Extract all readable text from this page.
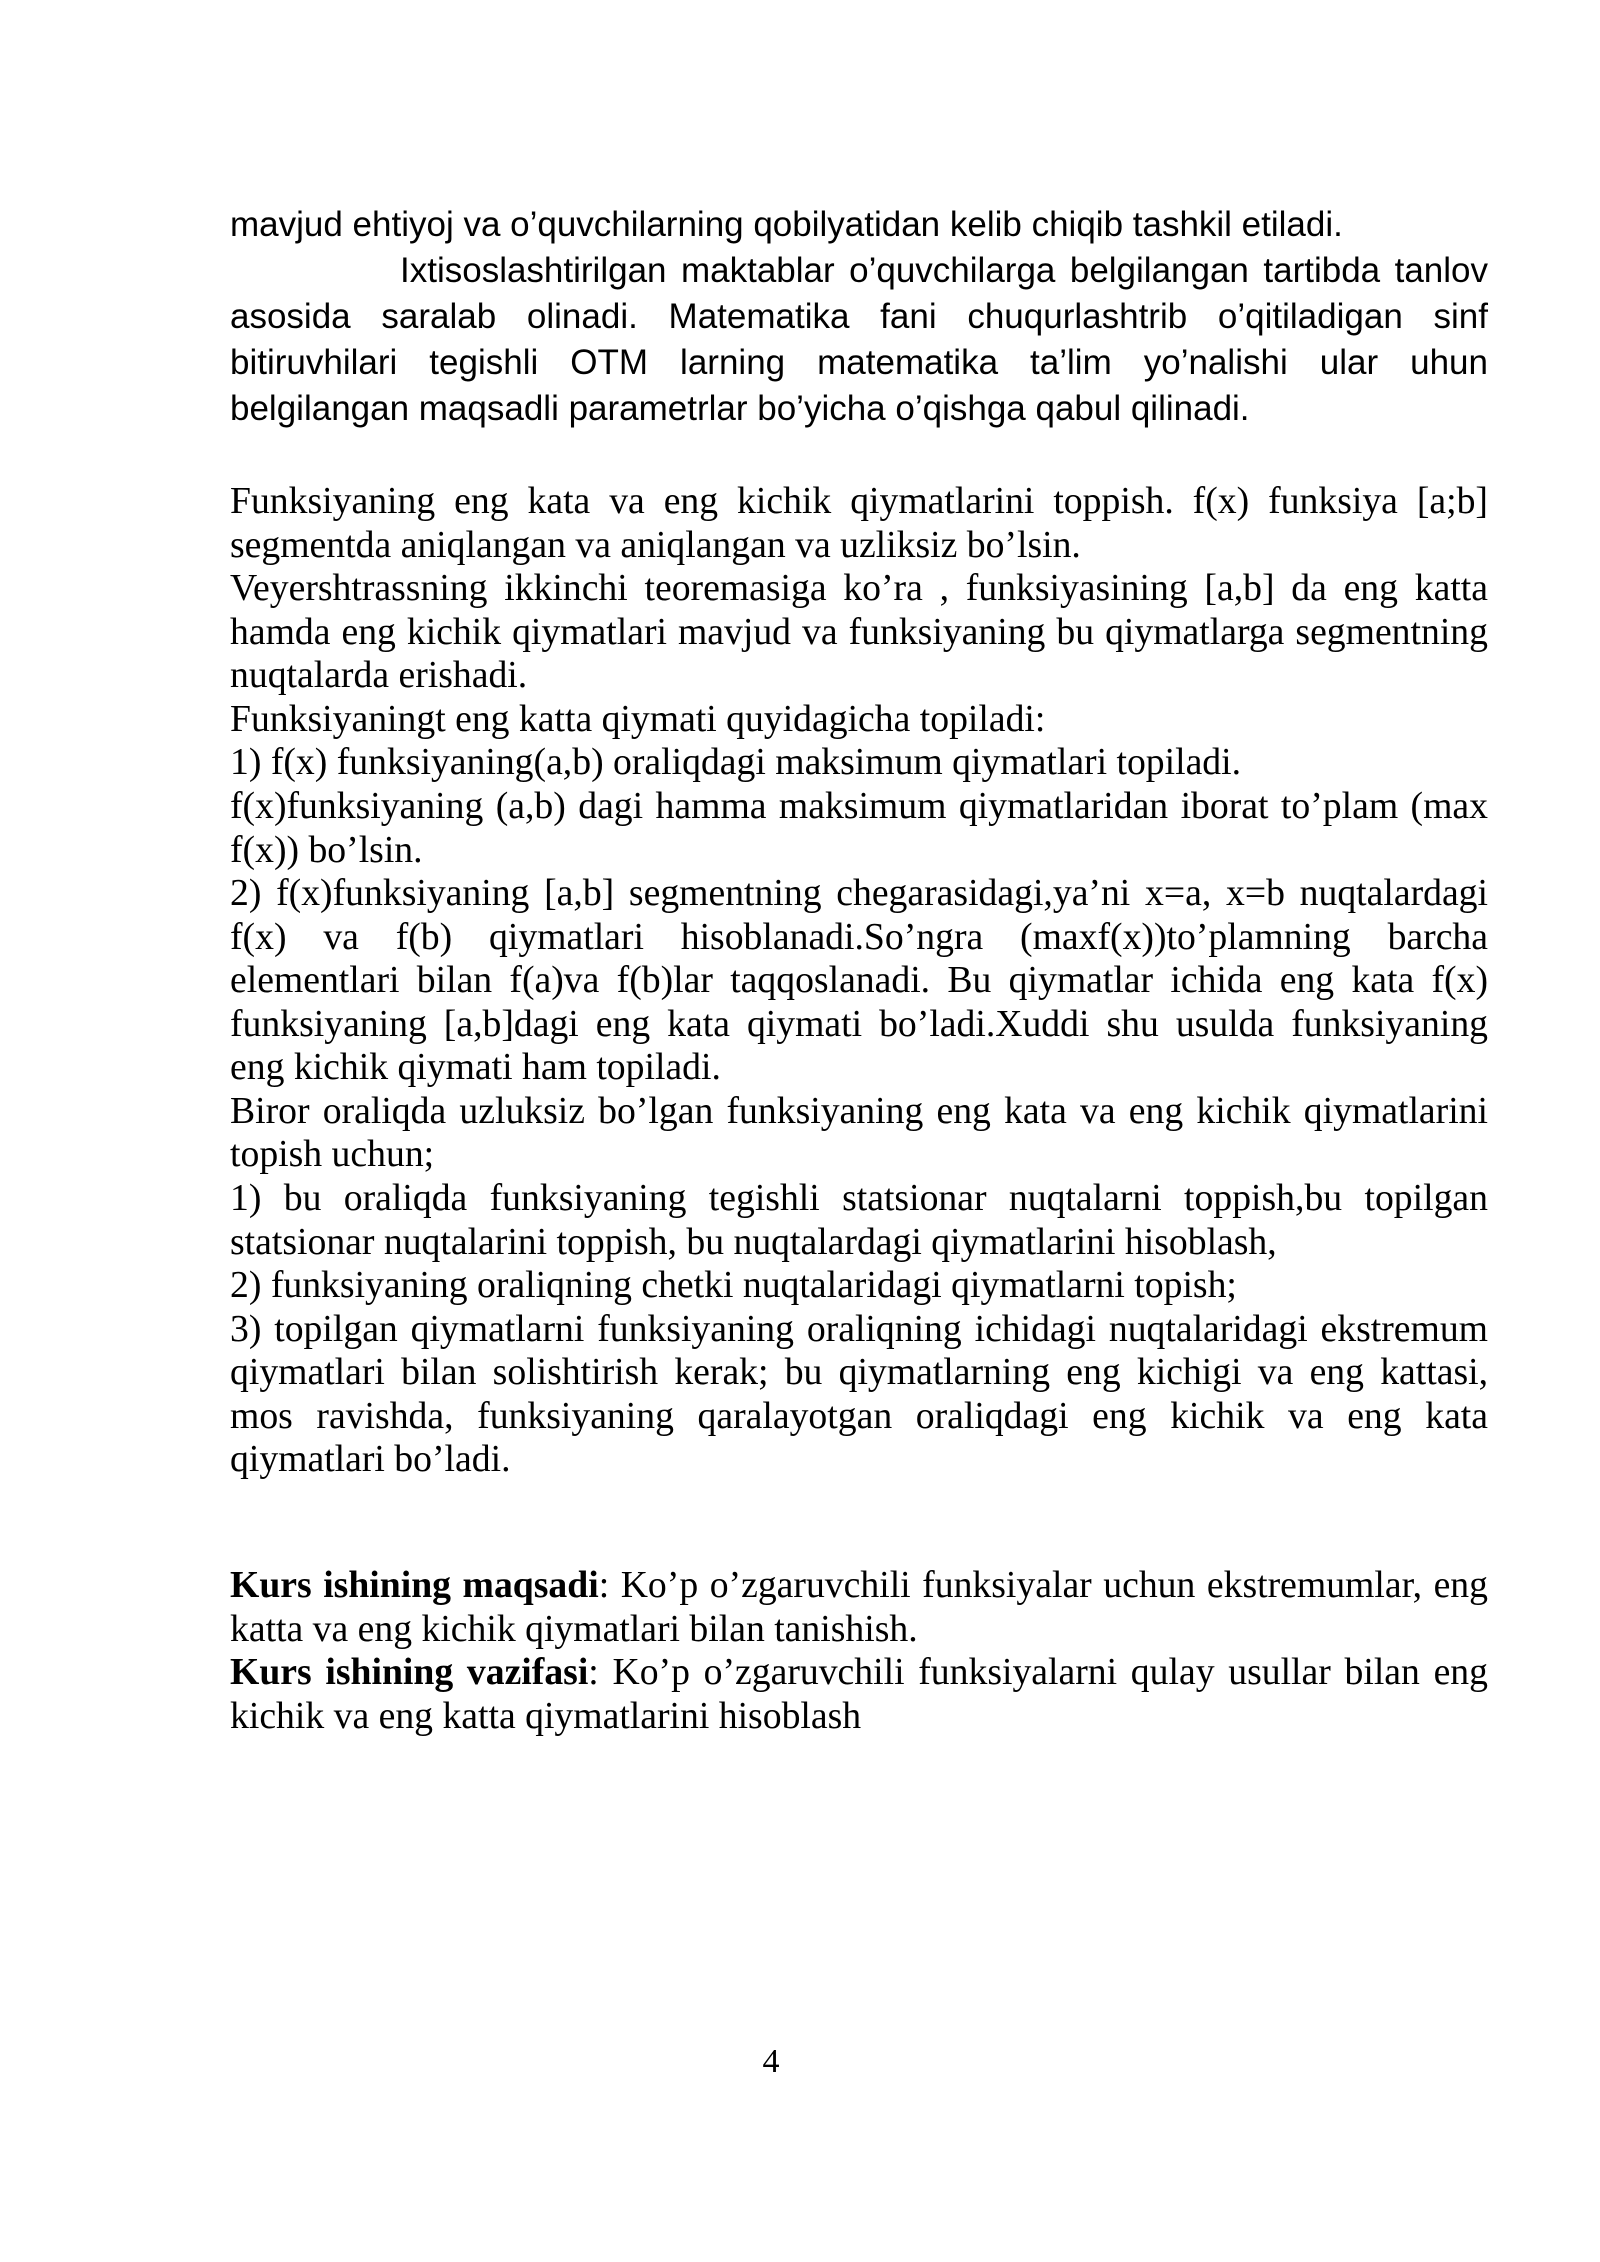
mavjud ehtiyoj va o’quvchilarning qobilyatidan kelib chiqib tashkil etiladi.
Ixtisoslashtirilgan maktablar o’quvchilarga belgilangan tartibda tanlov
asosida saralab olinadi. Matematika fani chuqurlashtrib o’qitiladigan sinf
bitiruvhilari tegishli OTM larning matematika ta’lim yo’nalishi ular uhun
belgilangan maqsadli parametrlar bo’yicha o’qishga qabul qilinadi.
Funksiyaning eng kata va eng kichik qiymatlarini toppish. f(x) funksiya [a;b]
segmentda aniqlangan va aniqlangan va uzliksiz bo’lsin.
Veyershtrassning ikkinchi teoremasiga ko’ra , funksiyasining [a,b] da eng katta
hamda eng kichik qiymatlari mavjud va funksiyaning bu qiymatlarga segmentning
nuqtalarda erishadi.
Funksiyaningt eng katta qiymati quyidagicha topiladi:
1) f(x) funksiyaning(a,b) oraliqdagi maksimum qiymatlari topiladi.
f(x)funksiyaning (a,b) dagi hamma maksimum qiymatlaridan iborat to’plam (max
f(x)) bo’lsin.
2) f(x)funksiyaning [a,b] segmentning chegarasidagi,ya’ni x=a, x=b nuqtalardagi
f(x) va f(b) qiymatlari hisoblanadi.So’ngra (maxf(x))to’plamning barcha
elementlari bilan f(a)va f(b)lar taqqoslanadi. Bu qiymatlar ichida eng kata f(x)
funksiyaning [a,b]dagi eng kata qiymati bo’ladi.Xuddi shu usulda funksiyaning
eng kichik qiymati ham topiladi.
Biror oraliqda uzluksiz bo’lgan funksiyaning eng kata va eng kichik qiymatlarini
topish uchun;
1) bu oraliqda funksiyaning tegishli statsionar nuqtalarni toppish,bu topilgan
statsionar nuqtalarini toppish, bu nuqtalardagi qiymatlarini hisoblash,
2) funksiyaning oraliqning chetki nuqtalaridagi qiymatlarni topish;
3) topilgan qiymatlarni funksiyaning oraliqning ichidagi nuqtalaridagi ekstremum
qiymatlari bilan solishtirish kerak; bu qiymatlarning eng kichigi va eng kattasi,
mos ravishda, funksiyaning qaralayotgan oraliqdagi eng kichik va eng kata
qiymatlari bo’ladi.
Kurs ishining maqsadi: Ko’p o’zgaruvchili funksiyalar uchun ekstremumlar, eng
katta va eng kichik qiymatlari bilan tanishish.
Kurs ishining vazifasi: Ko’p o’zgaruvchili funksiyalarni qulay usullar bilan eng
kichik va eng katta qiymatlarini hisoblash
4
